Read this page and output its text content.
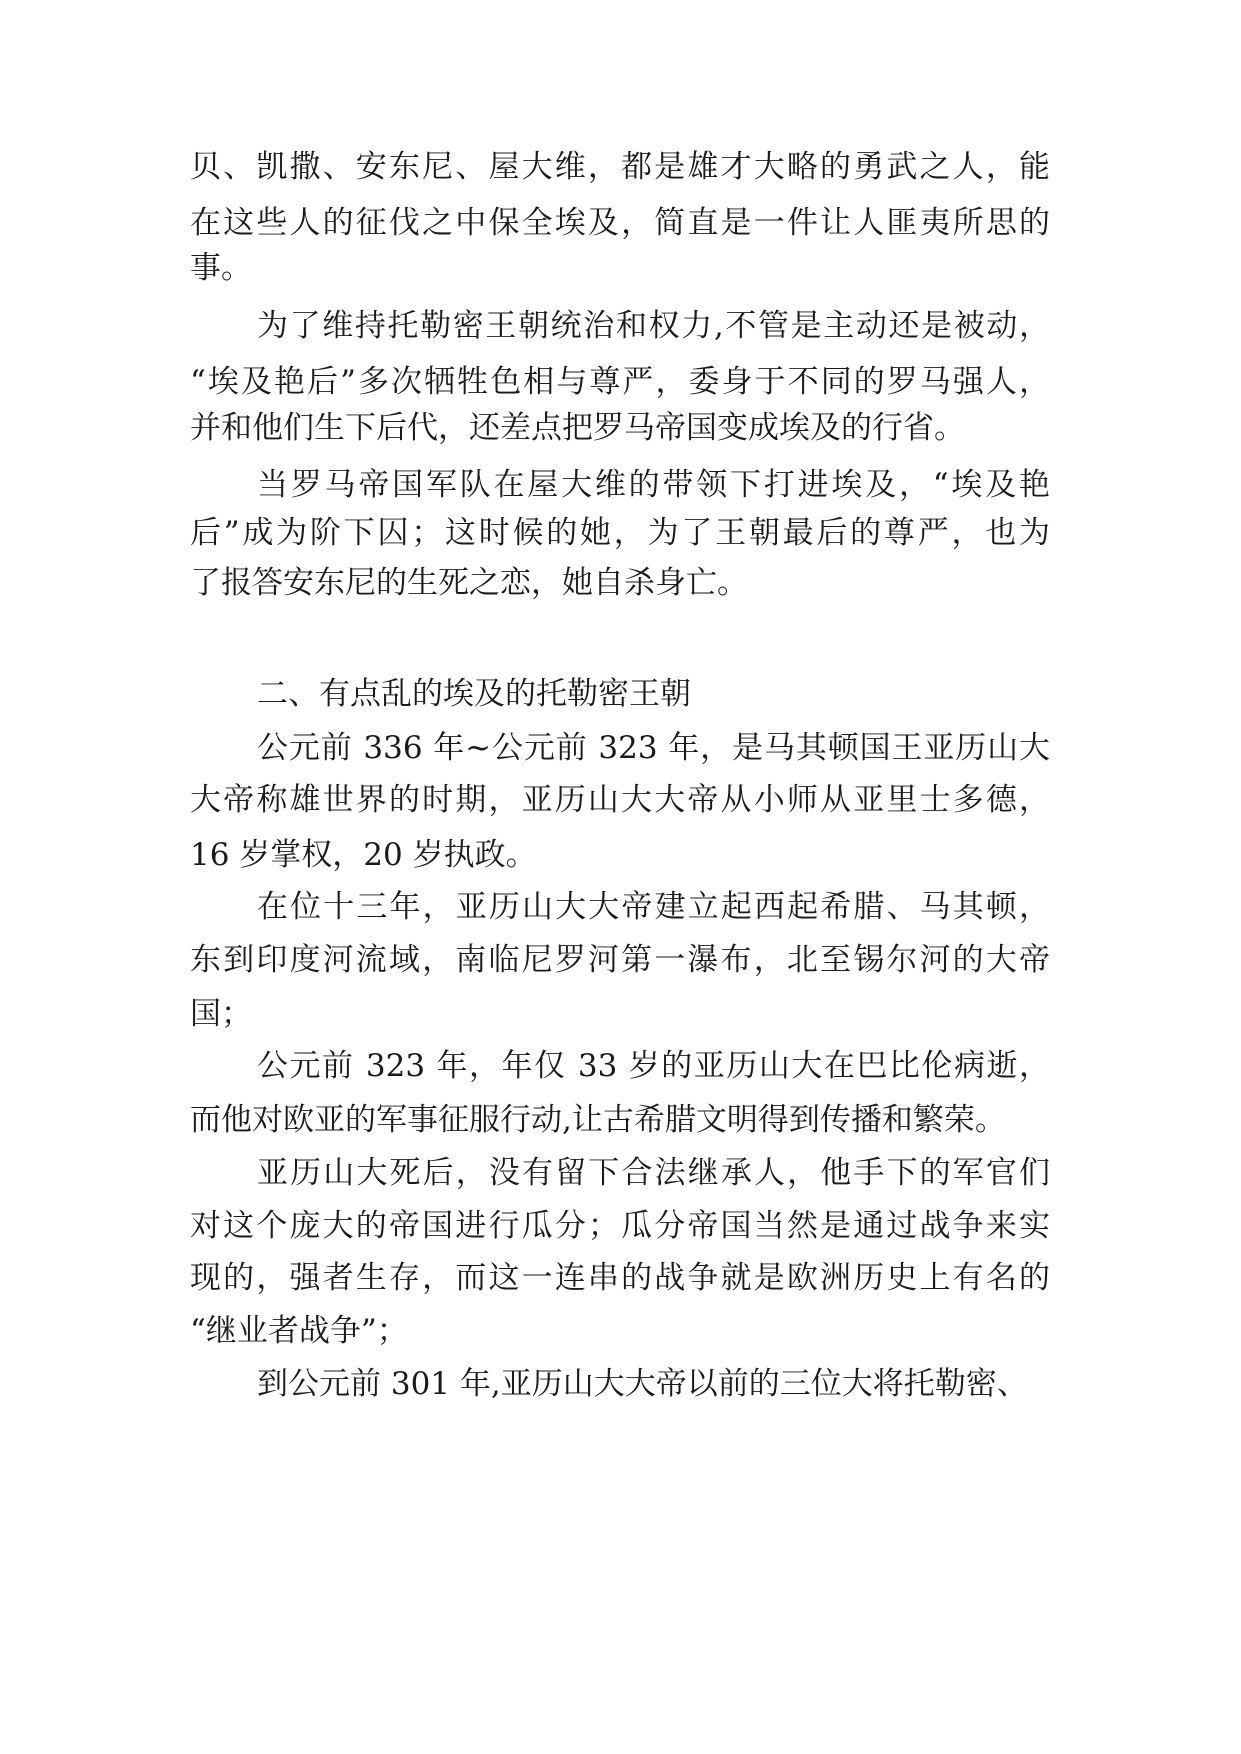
贝、凯撒、安东尼、屋大维，都是雄才大略的勇武之人，能
在这些人的征伐之中保全埃及，简直是一件让人匪夷所思的
事。
为了维持托勒密王朝统治和权力,不管是主动还是被动，
“埃及艳后”多次牺牲色相与尊严，委身于不同的罗马强人，
并和他们生下后代，还差点把罗马帝国变成埃及的行省。
当罗马帝国军队在屋大维的带领下打进埃及，“埃及艳
后”成为阶下囚；这时候的她，为了王朝最后的尊严，也为
了报答安东尼的生死之恋，她自杀身亡。
二、有点乱的埃及的托勒密王朝
公元前 336 年~公元前 323 年，是马其顿国王亚历山大
大帝称雄世界的时期，亚历山大大帝从小师从亚里士多德，
16 岁掌权，20 岁执政。
在位十三年，亚历山大大帝建立起西起希腊、马其顿，
东到印度河流域，南临尼罗河第一瀑布，北至锡尔河的大帝
国；
公元前 323 年，年仅 33 岁的亚历山大在巴比伦病逝，
而他对欧亚的军事征服行动,让古希腊文明得到传播和繁荣。
亚历山大死后，没有留下合法继承人，他手下的军官们
对这个庞大的帝国进行瓜分；瓜分帝国当然是通过战争来实
现的，强者生存，而这一连串的战争就是欧洲历史上有名的
“继业者战争”；
到公元前 301 年,亚历山大大帝以前的三位大将托勒密、
